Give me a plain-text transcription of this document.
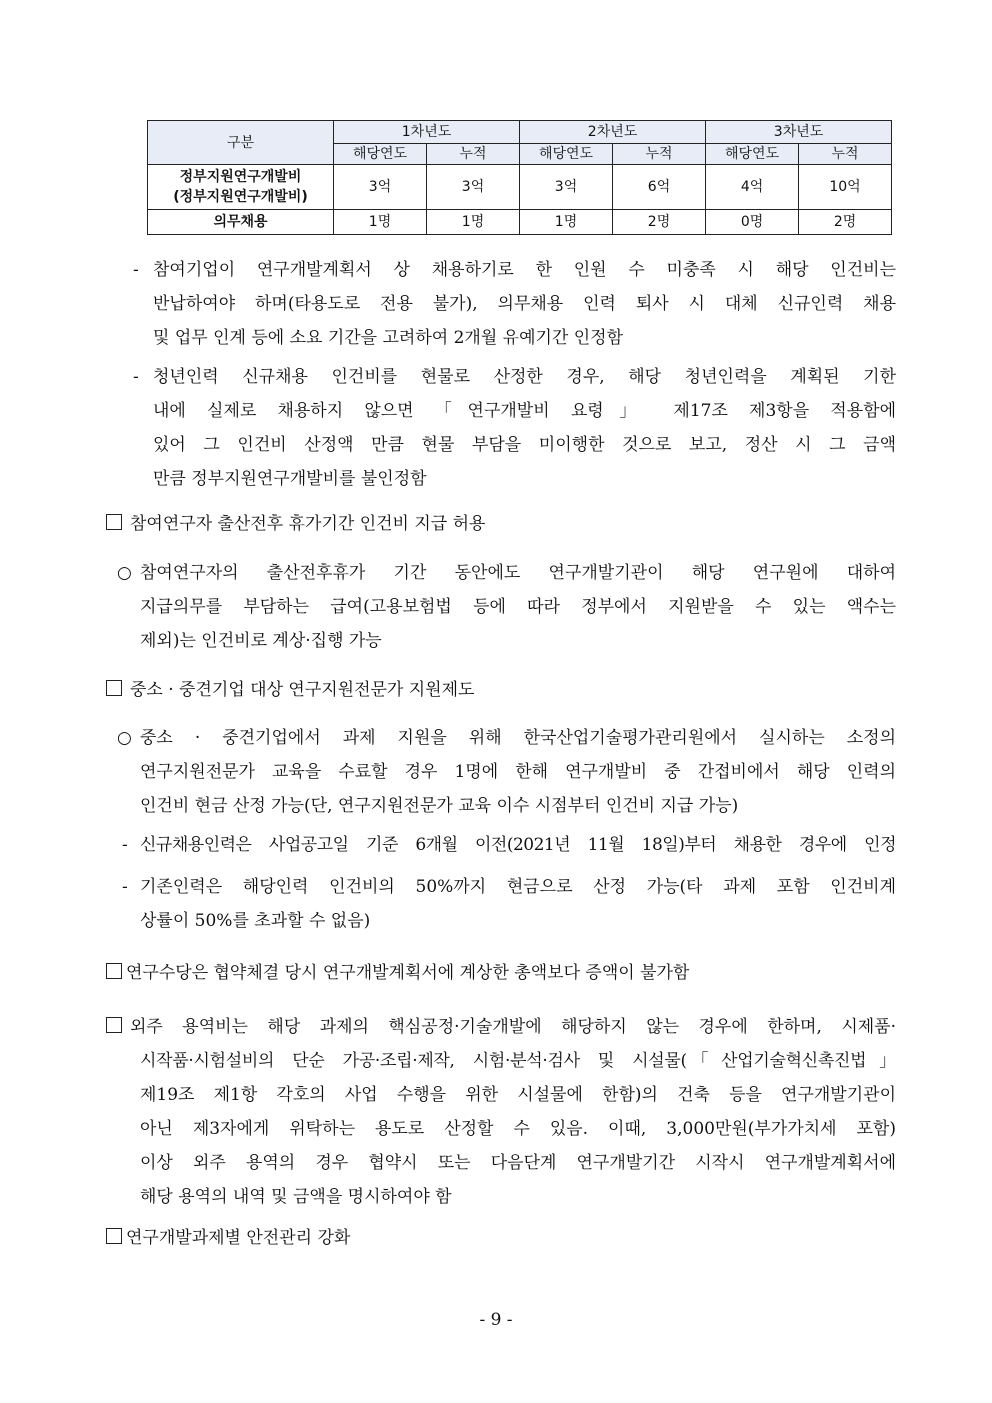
구분	1차년도		2차년도		3차년도	
	해당연도	누적	해당연도	누적	해당연도	누적

정부지원연구개발비
(정부지원연구개발비)	3억	3억	3억	6억	4억	10억
의무채용	1명	1명	1명	2명	0명	2명
- 참여기업이 연구개발계획서 상 채용하기로 한 인원 수 미충족 시 해당 인건비는
반납하여야 하며(타용도로 전용 불가), 의무채용 인력 퇴사 시 대체 신규인력 채용
및 업무 인계 등에 소요 기간을 고려하여 2개월 유예기간 인정함
- 청년인력 신규채용 인건비를 현물로 산정한 경우, 해당 청년인력을 계획된 기한
내에 실제로 채용하지 않으면 「연구개발비 요령」 제17조 제3항을 적용함에
있어 그 인건비 산정액 만큼 현물 부담을 미이행한 것으로 보고, 정산 시 그 금액
만큼 정부지원연구개발비를 불인정함
참여연구자 출산전후 휴가기간 인건비 지급 허용
○ 참여연구자의 출산전후휴가 기간 동안에도 연구개발기관이 해당 연구원에 대하여
지급의무를 부담하는 급여(고용보험법 등에 따라 정부에서 지원받을 수 있는 액수는
제외)는 인건비로 계상·집행 가능
중소 · 중견기업 대상 연구지원전문가 지원제도
○ 중소 · 중견기업에서 과제 지원을 위해 한국산업기술평가관리원에서 실시하는 소정의
연구지원전문가 교육을 수료할 경우 1명에 한해 연구개발비 중 간접비에서 해당 인력의
인건비 현금 산정 가능(단, 연구지원전문가 교육 이수 시점부터 인건비 지급 가능)
- 신규채용인력은 사업공고일 기준 6개월 이전(2021년 11월 18일)부터 채용한 경우에 인정
- 기존인력은 해당인력 인건비의 50%까지 현금으로 산정 가능(타 과제 포함 인건비계
상률이 50%를 초과할 수 없음)
연구수당은 협약체결 당시 연구개발계획서에 계상한 총액보다 증액이 불가함
외주 용역비는 해당 과제의 핵심공정·기술개발에 해당하지 않는 경우에 한하며, 시제품·
시작품·시험설비의 단순 가공·조립·제작, 시험·분석·검사 및 시설물(「산업기술혁신촉진법」
제19조 제1항 각호의 사업 수행을 위한 시설물에 한함)의 건축 등을 연구개발기관이
아닌 제3자에게 위탁하는 용도로 산정할 수 있음. 이때, 3,000만원(부가가치세 포함)
이상 외주 용역의 경우 협약시 또는 다음단계 연구개발기간 시작시 연구개발계획서에
해당 용역의 내역 및 금액을 명시하여야 함
연구개발과제별 안전관리 강화
- 9 -
